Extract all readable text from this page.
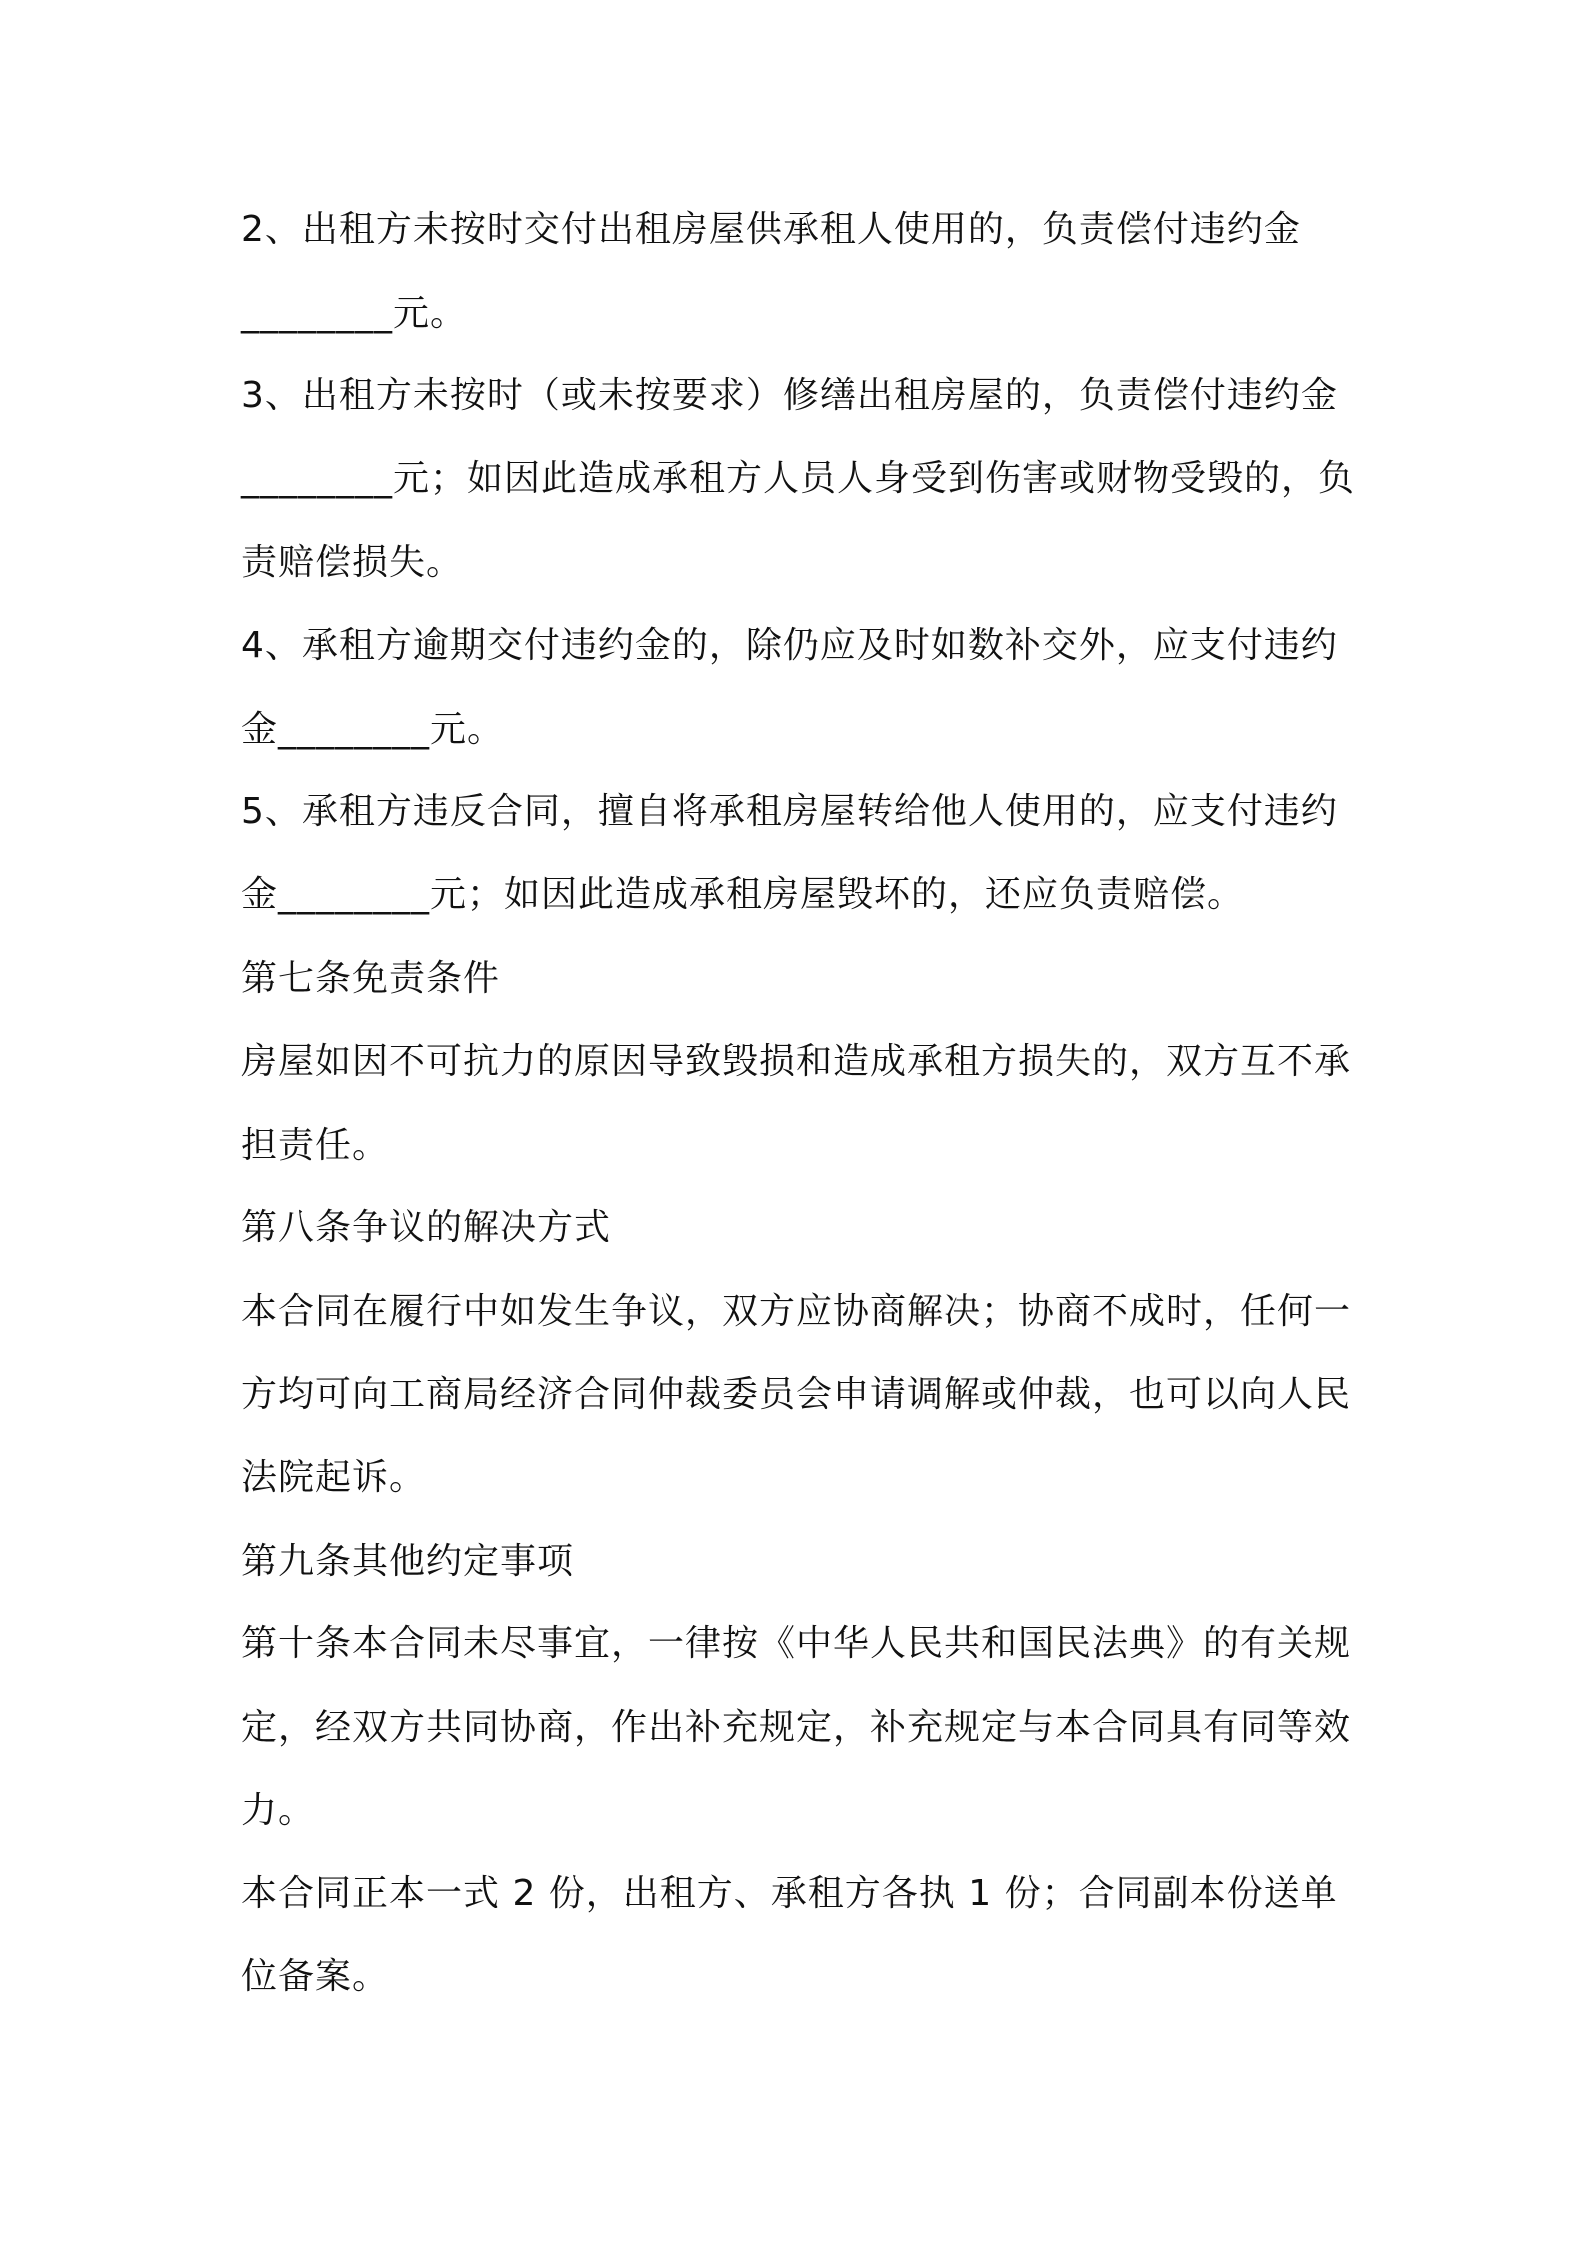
2、出租方未按时交付出租房屋供承租人使用的，负责偿付违约金
________元。
3、出租方未按时（或未按要求）修缮出租房屋的，负责偿付违约金
________元；如因此造成承租方人员人身受到伤害或财物受毁的，负
责赔偿损失。
4、承租方逾期交付违约金的，除仍应及时如数补交外，应支付违约
金________元。
5、承租方违反合同，擅自将承租房屋转给他人使用的，应支付违约
金________元；如因此造成承租房屋毁坏的，还应负责赔偿。
第七条免责条件
房屋如因不可抗力的原因导致毁损和造成承租方损失的，双方互不承
担责任。
第八条争议的解决方式
本合同在履行中如发生争议，双方应协商解决；协商不成时，任何一
方均可向工商局经济合同仲裁委员会申请调解或仲裁，也可以向人民
法院起诉。
第九条其他约定事项
第十条本合同未尽事宜，一律按《中华人民共和国民法典》的有关规
定，经双方共同协商，作出补充规定，补充规定与本合同具有同等效
力。
本合同正本一式 2 份，出租方、承租方各执 1 份；合同副本份送单
位备案。
